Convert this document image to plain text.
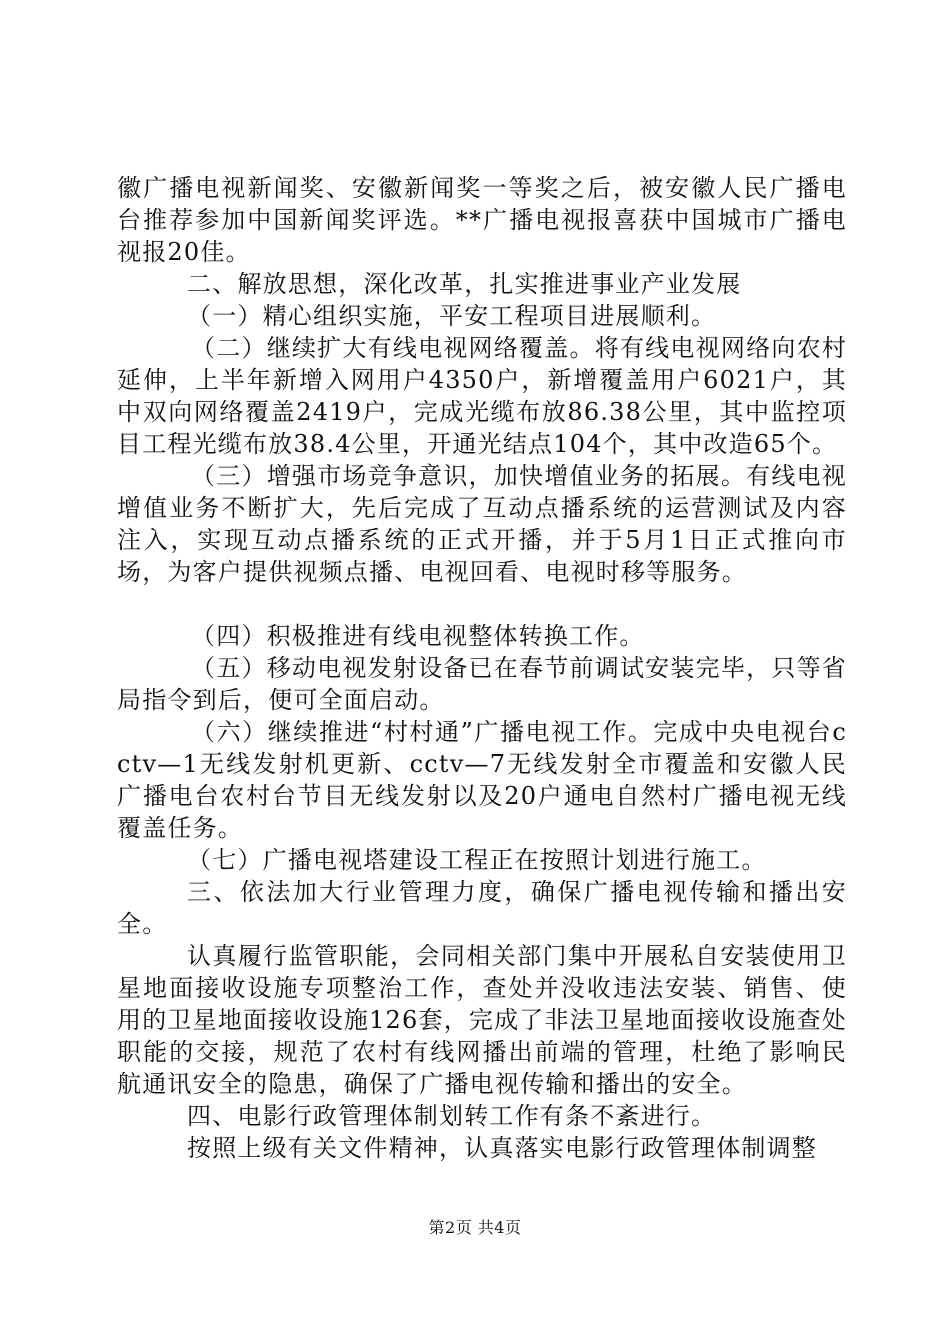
徽广播电视新闻奖、安徽新闻奖一等奖之后，被安徽人民广播电台推荐参加中国新闻奖评选。**广播电视报喜获中国城市广播电视报20佳。

二、解放思想，深化改革，扎实推进事业产业发展

（一）精心组织实施，平安工程项目进展顺利。

（二）继续扩大有线电视网络覆盖。将有线电视网络向农村延伸，上半年新增入网用户4350户，新增覆盖用户6021户，其中双向网络覆盖2419户，完成光缆布放86.38公里，其中监控项目工程光缆布放38.4公里，开通光结点104个，其中改造65个。

（三）增强市场竞争意识，加快增值业务的拓展。有线电视增值业务不断扩大，先后完成了互动点播系统的运营测试及内容注入，实现互动点播系统的正式开播，并于5月1日正式推向市场，为客户提供视频点播、电视回看、电视时移等服务。

（四）积极推进有线电视整体转换工作。

（五）移动电视发射设备已在春节前调试安装完毕，只等省局指令到后，便可全面启动。

（六）继续推进“村村通”广播电视工作。完成中央电视台cctv—1无线发射机更新、cctv—7无线发射全市覆盖和安徽人民广播电台农村台节目无线发射以及20户通电自然村广播电视无线覆盖任务。

（七）广播电视塔建设工程正在按照计划进行施工。

三、依法加大行业管理力度，确保广播电视传输和播出安全。

认真履行监管职能，会同相关部门集中开展私自安装使用卫星地面接收设施专项整治工作，查处并没收违法安装、销售、使用的卫星地面接收设施126套，完成了非法卫星地面接收设施查处职能的交接，规范了农村有线网播出前端的管理，杜绝了影响民航通讯安全的隐患，确保了广播电视传输和播出的安全。

四、电影行政管理体制划转工作有条不紊进行。

按照上级有关文件精神，认真落实电影行政管理体制调整

第2页 共4页
